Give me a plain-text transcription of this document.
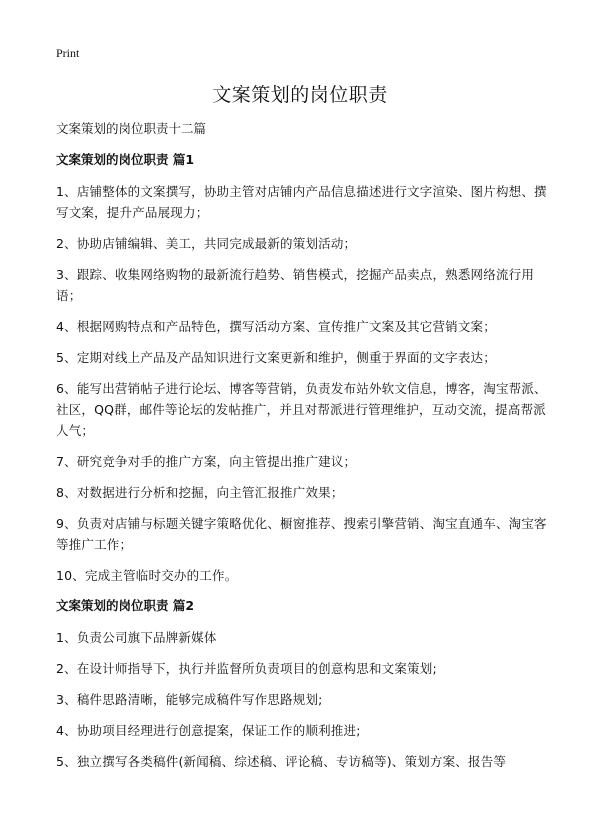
Print
文案策划的岗位职责

文案策划的岗位职责十二篇

文案策划的岗位职责 篇1

1、店铺整体的文案撰写，协助主管对店铺内产品信息描述进行文字渲染、图片构想、撰写文案，提升产品展现力；

2、协助店铺编辑、美工，共同完成最新的策划活动；

3、跟踪、收集网络购物的最新流行趋势、销售模式，挖掘产品卖点，熟悉网络流行用语；

4、根据网购特点和产品特色，撰写活动方案、宣传推广文案及其它营销文案；

5、定期对线上产品及产品知识进行文案更新和维护，侧重于界面的文字表达；

6、能写出营销帖子进行论坛、博客等营销，负责发布站外软文信息，博客，淘宝帮派、社区，QQ群，邮件等论坛的发帖推广，并且对帮派进行管理维护，互动交流，提高帮派人气；

7、研究竞争对手的推广方案，向主管提出推广建议；

8、对数据进行分析和挖掘，向主管汇报推广效果；

9、负责对店铺与标题关键字策略优化、橱窗推荐、搜索引擎营销、淘宝直通车、淘宝客等推广工作；

10、完成主管临时交办的工作。

文案策划的岗位职责 篇2

1、负责公司旗下品牌新媒体

2、在设计师指导下，执行并监督所负责项目的创意构思和文案策划;

3、稿件思路清晰，能够完成稿件写作思路规划;

4、协助项目经理进行创意提案，保证工作的顺利推进;

5、独立撰写各类稿件(新闻稿、综述稿、评论稿、专访稿等)、策划方案、报告等
